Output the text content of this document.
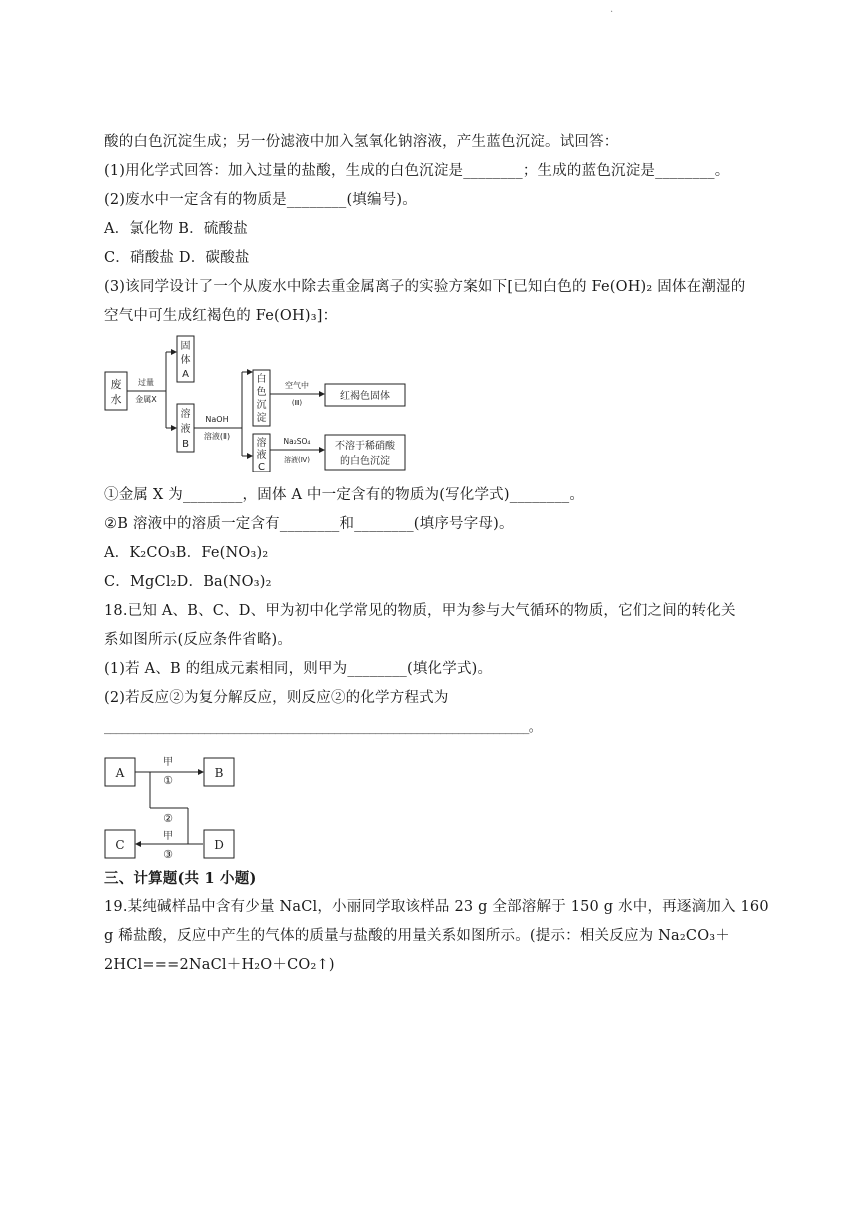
.
酸的白色沉淀生成；另一份滤液中加入氢氧化钠溶液，产生蓝色沉淀。试回答：
(1)用化学式回答：加入过量的盐酸，生成的白色沉淀是________；生成的蓝色沉淀是________。
(2)废水中一定含有的物质是________(填编号)。
A．氯化物 B．硫酸盐
C．硝酸盐 D．碳酸盐
(3)该同学设计了一个从废水中除去重金属离子的实验方案如下[已知白色的 Fe(OH)₂ 固体在潮湿的
空气中可生成红褐色的 Fe(OH)₃]：
①金属 X 为________，固体 A 中一定含有的物质为(写化学式)________。
②B 溶液中的溶质一定含有________和________(填序号字母)。
A．K₂CO₃B．Fe(NO₃)₂
C．MgCl₂D．Ba(NO₃)₂
18.已知 A、B、C、D、甲为初中化学常见的物质，甲为参与大气循环的物质，它们之间的转化关
系如图所示(反应条件省略)。
(1)若 A、B 的组成元素相同，则甲为________(填化学式)。
(2)若反应②为复分解反应，则反应②的化学方程式为
________________________________________________________________________。
三、计算题(共 1 小题)
19.某纯碱样品中含有少量 NaCl，小丽同学取该样品 23 g 全部溶解于 150 g 水中，再逐滴加入 160
g 稀盐酸，反应中产生的气体的质量与盐酸的用量关系如图所示。(提示：相关反应为 Na₂CO₃＋
2HCl===2NaCl＋H₂O＋CO₂↑)
废
水
过量
金属X
固
体
A
溶
液
B
NaOH
溶液(Ⅱ)
白
色
沉
淀
空气中
(Ⅲ)
红褐色固体
溶
液
C
Na₂SO₄
溶液(Ⅳ)
不溶于稀硝酸
的白色沉淀
A	B
C	D
甲
①
②
甲
③
